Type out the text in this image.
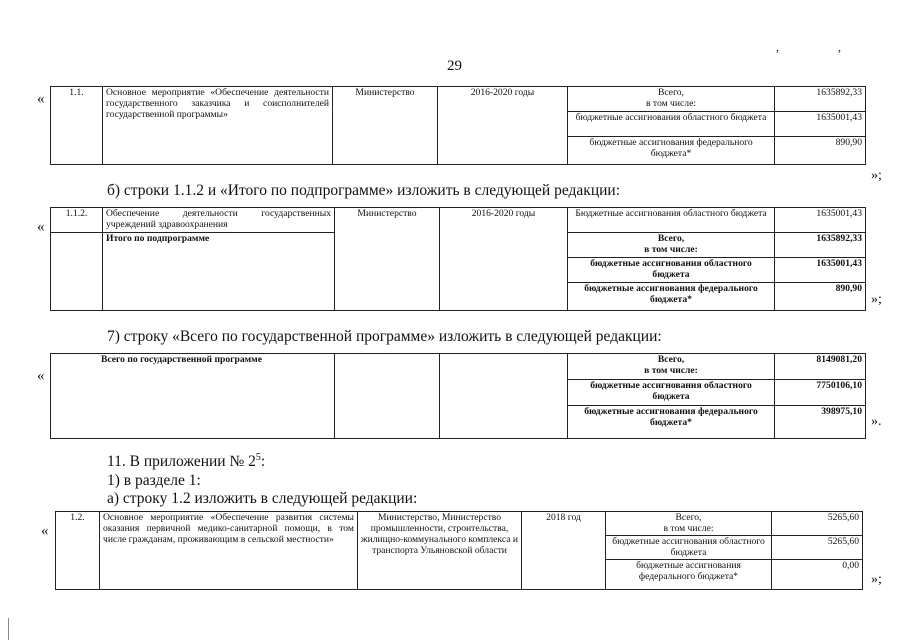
29
, ,
«	1.1.	Основное мероприятие «Обеспечение деятельности государственного заказчика и соисполнителей государственной программы»	Министерство	2016-2020 годы	Всего,
в том числе:	1635892,33
				бюджетные ассигнования областного бюджета	1635001,43
				бюджетные ассигнования федерального бюджета*	890,90
»;
б) строки 1.1.2 и «Итого по подпрограмме» изложить в следующей редакции:
«
1.1.2.	Обеспечение деятельности государственных учреждений здравоохранения	Министерство	2016-2020 годы	Бюджетные ассигнования областного бюджета	1635001,43
	Итого по подпрограмме			Всего,
в том числе:	1635892,33
				бюджетные ассигнования областного бюджета	1635001,43
				бюджетные ассигнования федерального бюджета*	890,90
»;
7) строку «Всего по государственной программе» изложить в следующей редакции:
«
Всего по государственной программе			Всего,
в том числе:	8149081,20
			бюджетные ассигнования областного бюджета	7750106,10
			бюджетные ассигнования федерального бюджета*	398975,10
».
11. В приложении № $2^5$:
1) в разделе 1:
а) строку 1.2 изложить в следующей редакции:
«
1.2.	Основное мероприятие «Обеспечение развития системы оказания первичной медико-санитарной помощи, в том числе гражданам, проживающим в сельской местности»	Министерство, Министерство промышленности, строительства, жилищно-коммунального комплекса и транспорта Ульяновской области	2018 год	Всего,
в том числе:	5265,60
				бюджетные ассигнования областного бюджета	5265,60
				бюджетные ассигнования федерального бюджета*	0,00
»;
